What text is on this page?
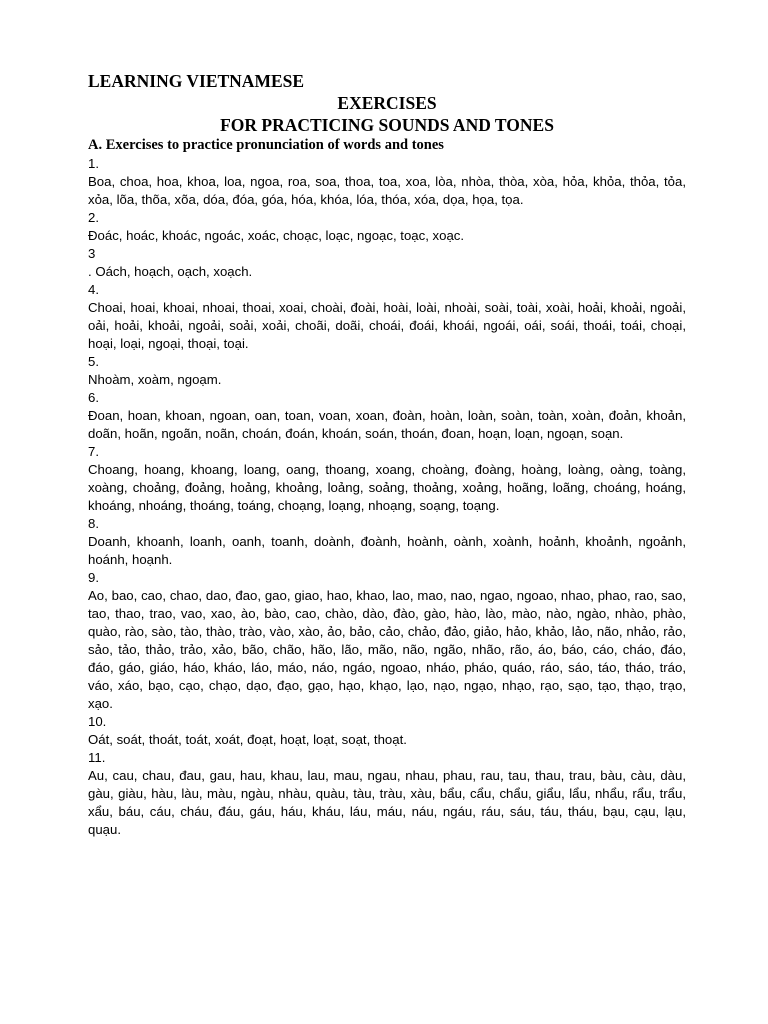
LEARNING VIETNAMESE

EXERCISES

FOR PRACTICING SOUNDS AND TONES

A. Exercises to practice pronunciation of words and tones

1.

Boa, choa, hoa, khoa, loa, ngoa, roa, soa, thoa, toa, xoa, lòa, nhòa, thòa, xòa, hỏa, khỏa, thỏa, tỏa, xỏa, lõa, thõa, xõa, dóa, đóa, góa, hóa, khóa, lóa, thóa, xóa, dọa, họa, tọa.

2.

Đoác, hoác, khoác, ngoác, xoác, choạc, loạc, ngoạc, toạc, xoạc.

3

. Oách, hoạch, oạch, xoạch.

4.

Choai, hoai, khoai, nhoai, thoai, xoai, choài, đoài, hoài, loài, nhoài, soài, toài, xoài, hoải, khoải, ngoải, oải, hoải, khoải, ngoải, soải, xoải, choãi, doãi, choái, đoái, khoái, ngoái, oái, soái, thoái, toái, choại, hoại, loại, ngoại, thoại, toại.

5.

Nhoàm, xoàm, ngoạm.

6.

Đoan, hoan, khoan, ngoan, oan, toan, voan, xoan, đoàn, hoàn, loàn, soàn, toàn, xoàn, đoản, khoản, doãn, hoãn, ngoãn, noãn, choán, đoán, khoán, soán, thoán, đoan, hoạn, loạn, ngoạn, soạn.

7.

Choang, hoang, khoang, loang, oang, thoang, xoang, choàng, đoàng, hoàng, loàng, oàng, toàng, xoàng, choảng, đoảng, hoảng, khoảng, loảng, soảng, thoảng, xoảng, hoãng, loãng, choáng, hoáng, khoáng, nhoáng, thoáng, toáng, choạng, loạng, nhoạng, soạng, toạng.

8.

Doanh, khoanh, loanh, oanh, toanh, doành, đoành, hoành, oành, xoành, hoảnh, khoảnh, ngoảnh, hoánh, hoạnh.

9.

Ao, bao, cao, chao, dao, đao, gao, giao, hao, khao, lao, mao, nao, ngao, ngoao, nhao, phao, rao, sao, tao, thao, trao, vao, xao, ào, bào, cao, chào, dào, đào, gào, hào, lào, mào, nào, ngào, nhào, phào, quào, rào, sào, tào, thào, trào, vào, xào, ảo, bảo, cảo, chảo, đảo, giảo, hảo, khảo, lảo, não, nhảo, rảo, sảo, tảo, thảo, trảo, xảo, bão, chão, hão, lão, mão, não, ngão, nhão, rão, áo, báo, cáo, cháo, đáo, đáo, gáo, giáo, háo, kháo, láo, máo, náo, ngáo, ngoao, nháo, pháo, quáo, ráo, sáo, táo, tháo, tráo, váo, xáo, bạo, cạo, chạo, dạo, đạo, gạo, hạo, khạo, lạo, nạo, ngạo, nhạo, rạo, sạo, tạo, thạo, trạo, xạo.

10.

Oát, soát, thoát, toát, xoát, đoạt, hoạt, loạt, soạt, thoạt.

11.

Au, cau, chau, đau, gau, hau, khau, lau, mau, ngau, nhau, phau, rau, tau, thau, trau, bàu, càu, dàu, gàu, giàu, hàu, làu, màu, ngàu, nhàu, quàu, tàu, tràu, xàu, bẩu, cẩu, chẩu, giẩu, lẩu, nhẩu, rẩu, trẩu, xẩu, báu, cáu, cháu, đáu, gáu, háu, kháu, láu, máu, náu, ngáu, ráu, sáu, táu, tháu, bạu, cạu, lạu, quạu.
